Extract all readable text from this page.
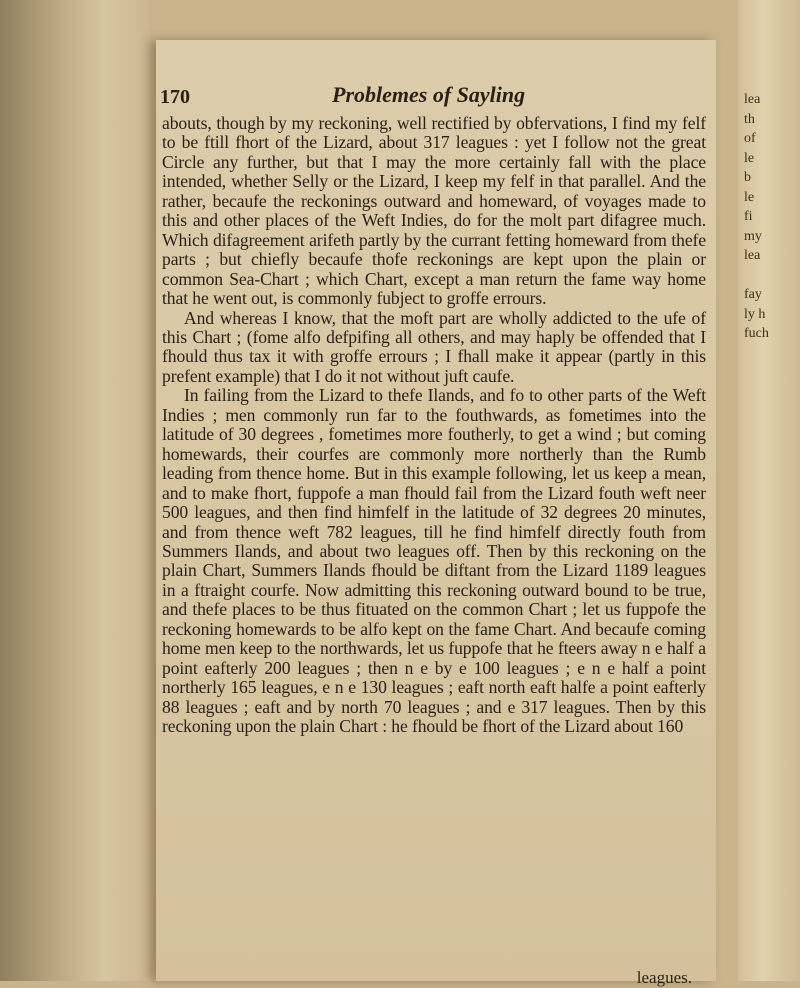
170	Problemes of Sayling

abouts, though by my reckoning, well rectified by obfervations, I find my felf to be ftill fhort of the Lizard, about 317 leagues : yet I follow not the great Circle any further, but that I may the more certainly fall with the place intended, whether Selly or the Lizard, I keep my felf in that parallel. And the rather, becaufe the reckonings outward and homeward, of voyages made to this and other places of the Weft Indies, do for the molt part difagree much. Which difagreement arifeth partly by the currant fetting homeward from thefe parts ; but chiefly becaufe thofe reckonings are kept upon the plain or common Sea-Chart ; which Chart, except a man return the fame way home that he went out, is commonly fubject to groffe errours.

And whereas I know, that the moft part are wholly addicted to the ufe of this Chart ; (fome alfo defpifing all others, and may haply be offended that I fhould thus tax it with groffe errours ; I fhall make it appear (partly in this prefent example) that I do it not without juft caufe.

In failing from the Lizard to thefe Ilands, and fo to other parts of the Weft Indies ; men commonly run far to the fouthwards, as fometimes into the latitude of 30 degrees , fometimes more foutherly, to get a wind ; but coming homewards, their courfes are commonly more northerly than the Rumb leading from thence home. But in this example following, let us keep a mean, and to make fhort, fuppofe a man fhould fail from the Lizard fouth weft neer 500 leagues, and then find himfelf in the latitude of 32 degrees 20 minutes, and from thence weft 782 leagues, till he find himfelf directly fouth from Summers Ilands, and about two leagues off. Then by this reckoning on the plain Chart, Summers Ilands fhould be diftant from the Lizard 1189 leagues in a ftraight courfe. Now admitting this reckoning outward bound to be true, and thefe places to be thus fituated on the common Chart ; let us fuppofe the reckoning homewards to be alfo kept on the fame Chart. And becaufe coming home men keep to the northwards, let us fuppofe that he fteers away n e half a point eafterly 200 leagues ; then n e by e 100 leagues ; e n e half a point northerly 165 leagues, e n e 130 leagues ; eaft north eaft halfe a point eafterly 88 leagues ; eaft and by north 70 leagues ; and e 317 leagues. Then by this reckoning upon the plain Chart : he fhould be fhort of the Lizard about 160

leagues.
lea
th
of
le
b
le
fi
my
lea

fay
ly h
fuch
